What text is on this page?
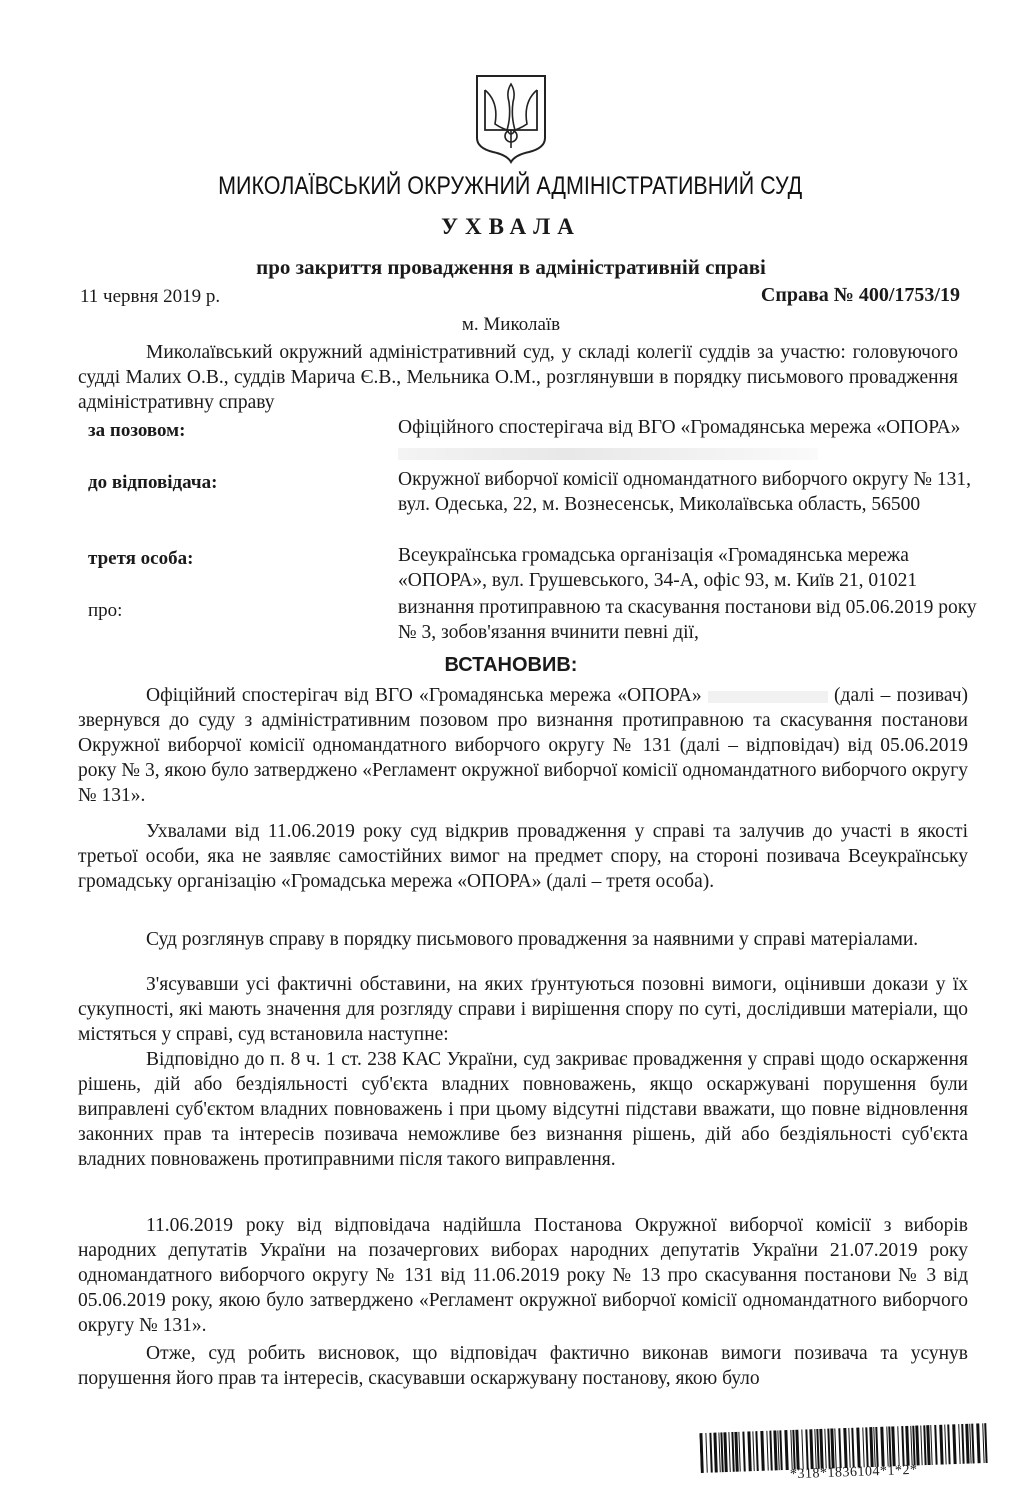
МИКОЛАЇВСЬКИЙ ОКРУЖНИЙ АДМІНІСТРАТИВНИЙ СУД
УХВАЛА
про закриття провадження в адміністративній справі
11 червня 2019 р.	Справа № 400/1753/19
м. Миколаїв
Миколаївський окружний адміністративний суд, у складі колегії суддів за участю: головуючого судді Малих О.В., суддів Марича Є.В., Мельника О.М., розглянувши в порядку письмового провадження адміністративну справу
за позовом:	Офіційного спостерігача від ВГО «Громадянська мережа «ОПОРА»
до відповідача:	Окружної виборчої комісії одномандатного виборчого округу № 131, вул. Одеська, 22, м. Вознесенськ, Миколаївська область, 56500
третя особа:	Всеукраїнська громадська організація «Громадянська мережа «ОПОРА», вул. Грушевського, 34-А, офіс 93, м. Київ 21, 01021
про:	визнання протиправною та скасування постанови від 05.06.2019 року № 3, зобов'язання вчинити певні дії,
ВСТАНОВИВ:
Офіційний спостерігач від ВГО «Громадянська мережа «ОПОРА»	(далі – позивач) звернувся до суду з адміністративним позовом про визнання протиправною та скасування постанови Окружної виборчої комісії одномандатного виборчого округу № 131 (далі – відповідач) від 05.06.2019 року № 3, якою було затверджено «Регламент окружної виборчої комісії одномандатного виборчого округу № 131».
Ухвалами від 11.06.2019 року суд відкрив провадження у справі та залучив до участі в якості третьої особи, яка не заявляє самостійних вимог на предмет спору, на стороні позивача Всеукраїнську громадську організацію «Громадська мережа «ОПОРА» (далі – третя особа).
Суд розглянув справу в порядку письмового провадження за наявними у справі матеріалами.
З'ясувавши усі фактичні обставини, на яких ґрунтуються позовні вимоги, оцінивши докази у їх сукупності, які мають значення для розгляду справи і вирішення спору по суті, дослідивши матеріали, що містяться у справі, суд встановила наступне:
Відповідно до п. 8 ч. 1 ст. 238 КАС України, суд закриває провадження у справі щодо оскарження рішень, дій або бездіяльності суб'єкта владних повноважень, якщо оскаржувані порушення були виправлені суб'єктом владних повноважень і при цьому відсутні підстави вважати, що повне відновлення законних прав та інтересів позивача неможливе без визнання рішень, дій або бездіяльності суб'єкта владних повноважень протиправними після такого виправлення.
11.06.2019 року від відповідача надійшла Постанова Окружної виборчої комісії з виборів народних депутатів України на позачергових виборах народних депутатів України 21.07.2019 року одномандатного виборчого округу № 131 від 11.06.2019 року № 13 про скасування постанови № 3 від 05.06.2019 року, якою було затверджено «Регламент окружної виборчої комісії одномандатного виборчого округу № 131».
Отже, суд робить висновок, що відповідач фактично виконав вимоги позивача та усунув порушення його прав та інтересів, скасувавши оскаржувану постанову, якою було
*318*1836104*1*2*
